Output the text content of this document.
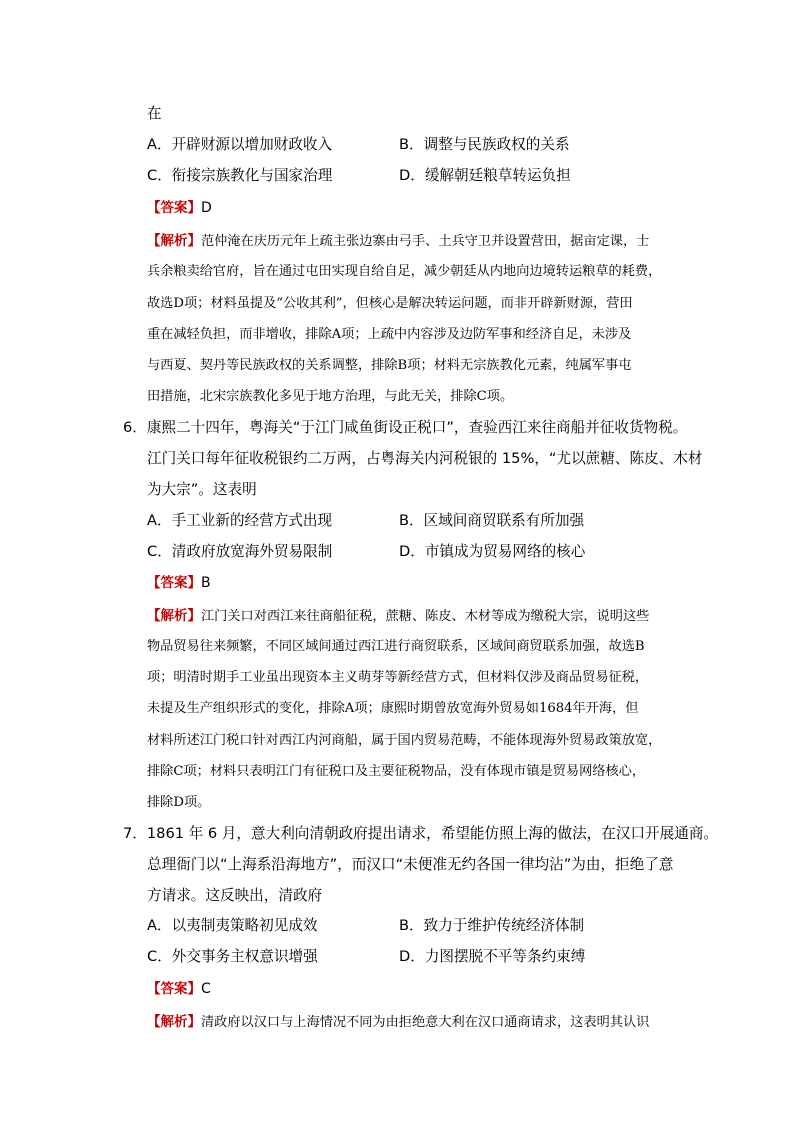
在
A．开辟财源以增加财政收入	B．调整与民族政权的关系
C．衔接宗族教化与国家治理	D．缓解朝廷粮草转运负担
【答案】D
【解析】范仲淹在庆历元年上疏主张边寨由弓手、土兵守卫并设置营田，据亩定课，士
兵余粮卖给官府，旨在通过屯田实现自给自足，减少朝廷从内地向边境转运粮草的耗费，
故选D项；材料虽提及“公收其利”，但核心是解决转运问题，而非开辟新财源，营田
重在减轻负担，而非增收，排除A项；上疏中内容涉及边防军事和经济自足，未涉及
与西夏、契丹等民族政权的关系调整，排除B项；材料无宗族教化元素，纯属军事屯
田措施，北宋宗族教化多见于地方治理，与此无关，排除C项。
6．康熙二十四年，粤海关“于江门咸鱼街设正税口”，查验西江来往商船并征收货物税。
江门关口每年征收税银约二万两，占粤海关内河税银的 15%，“尤以蔗糖、陈皮、木材
为大宗”。这表明
A．手工业新的经营方式出现	B．区域间商贸联系有所加强
C．清政府放宽海外贸易限制	D．市镇成为贸易网络的核心
【答案】B
【解析】江门关口对西江来往商船征税，蔗糖、陈皮、木材等成为缴税大宗，说明这些
物品贸易往来频繁，不同区域间通过西江进行商贸联系，区域间商贸联系加强，故选B
项；明清时期手工业虽出现资本主义萌芽等新经营方式，但材料仅涉及商品贸易征税，
未提及生产组织形式的变化，排除A项；康熙时期曾放宽海外贸易如1684年开海，但
材料所述江门税口针对西江内河商船，属于国内贸易范畴，不能体现海外贸易政策放宽，
排除C项；材料只表明江门有征税口及主要征税物品，没有体现市镇是贸易网络核心，
排除D项。
7．1861 年 6 月，意大利向清朝政府提出请求，希望能仿照上海的做法，在汉口开展通商。
总理衙门以“上海系沿海地方”，而汉口“未便准无约各国一律均沾”为由，拒绝了意
方请求。这反映出，清政府
A．以夷制夷策略初见成效	B．致力于维护传统经济体制
C．外交事务主权意识增强	D．力图摆脱不平等条约束缚
【答案】C
【解析】清政府以汉口与上海情况不同为由拒绝意大利在汉口通商请求，这表明其认识
